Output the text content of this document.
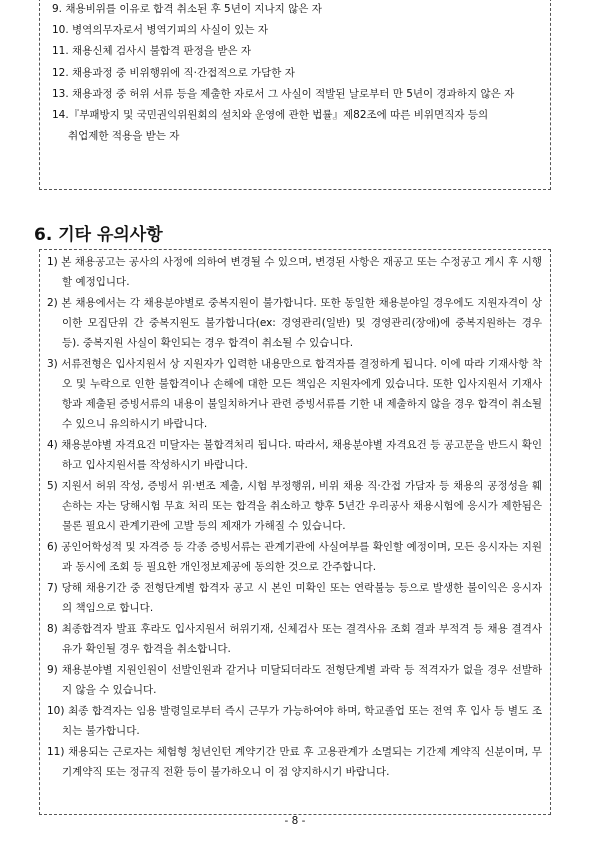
9. 채용비위를 이유로 합격 취소된 후 5년이 지나지 않은 자
10. 병역의무자로서 병역기피의 사실이 있는 자
11. 채용신체 검사시 불합격 판정을 받은 자
12. 채용과정 중 비위행위에 직·간접적으로 가담한 자
13. 채용과정 중 허위 서류 등을 제출한 자로서 그 사실이 적발된 날로부터 만 5년이 경과하지 않은 자
14.『부패방지 및 국민권익위원회의 설치와 운영에 관한 법률』제82조에 따른 비위면직자 등의
취업제한 적용을 받는 자
6. 기타 유의사항
1) 본 채용공고는 공사의 사정에 의하여 변경될 수 있으며, 변경된 사항은 재공고 또는 수정공고 게시 후 시행할 예정입니다.
2) 본 채용에서는 각 채용분야별로 중복지원이 불가합니다. 또한 동일한 채용분야일 경우에도 지원자격이 상이한 모집단위 간 중복지원도 불가합니다(ex: 경영관리(일반) 및 경영관리(장애)에 중복지원하는 경우 등). 중복지원 사실이 확인되는 경우 합격이 취소될 수 있습니다.
3) 서류전형은 입사지원서 상 지원자가 입력한 내용만으로 합격자를 결정하게 됩니다. 이에 따라 기재사항 착오 및 누락으로 인한 불합격이나 손해에 대한 모든 책임은 지원자에게 있습니다. 또한 입사지원서 기재사항과 제출된 증빙서류의 내용이 불일치하거나 관련 증빙서류를 기한 내 제출하지 않을 경우 합격이 취소될 수 있으니 유의하시기 바랍니다.
4) 채용분야별 자격요건 미달자는 불합격처리 됩니다. 따라서, 채용분야별 자격요건 등 공고문을 반드시 확인하고 입사지원서를 작성하시기 바랍니다.
5) 지원서 허위 작성, 증빙서 위·변조 제출, 시험 부정행위, 비위 채용 직·간접 가담자 등 채용의 공정성을 훼손하는 자는 당해시험 무효 처리 또는 합격을 취소하고 향후 5년간 우리공사 채용시험에 응시가 제한됨은 물론 필요시 관계기관에 고발 등의 제재가 가해질 수 있습니다.
6) 공인어학성적 및 자격증 등 각종 증빙서류는 관계기관에 사실여부를 확인할 예정이며, 모든 응시자는 지원과 동시에 조회 등 필요한 개인정보제공에 동의한 것으로 간주합니다.
7) 당해 채용기간 중 전형단계별 합격자 공고 시 본인 미확인 또는 연락불능 등으로 발생한 불이익은 응시자의 책임으로 합니다.
8) 최종합격자 발표 후라도 입사지원서 허위기재, 신체검사 또는 결격사유 조회 결과 부적격 등 채용 결격사유가 확인될 경우 합격을 취소합니다.
9) 채용분야별 지원인원이 선발인원과 같거나 미달되더라도 전형단계별 과락 등 적격자가 없을 경우 선발하지 않을 수 있습니다.
10) 최종 합격자는 임용 발령일로부터 즉시 근무가 가능하여야 하며, 학교졸업 또는 전역 후 입사 등 별도 조치는 불가합니다.
11) 채용되는 근로자는 체험형 청년인턴 계약기간 만료 후 고용관계가 소멸되는 기간제 계약직 신분이며, 무기계약직 또는 정규직 전환 등이 불가하오니 이 점 양지하시기 바랍니다.
- 8 -
